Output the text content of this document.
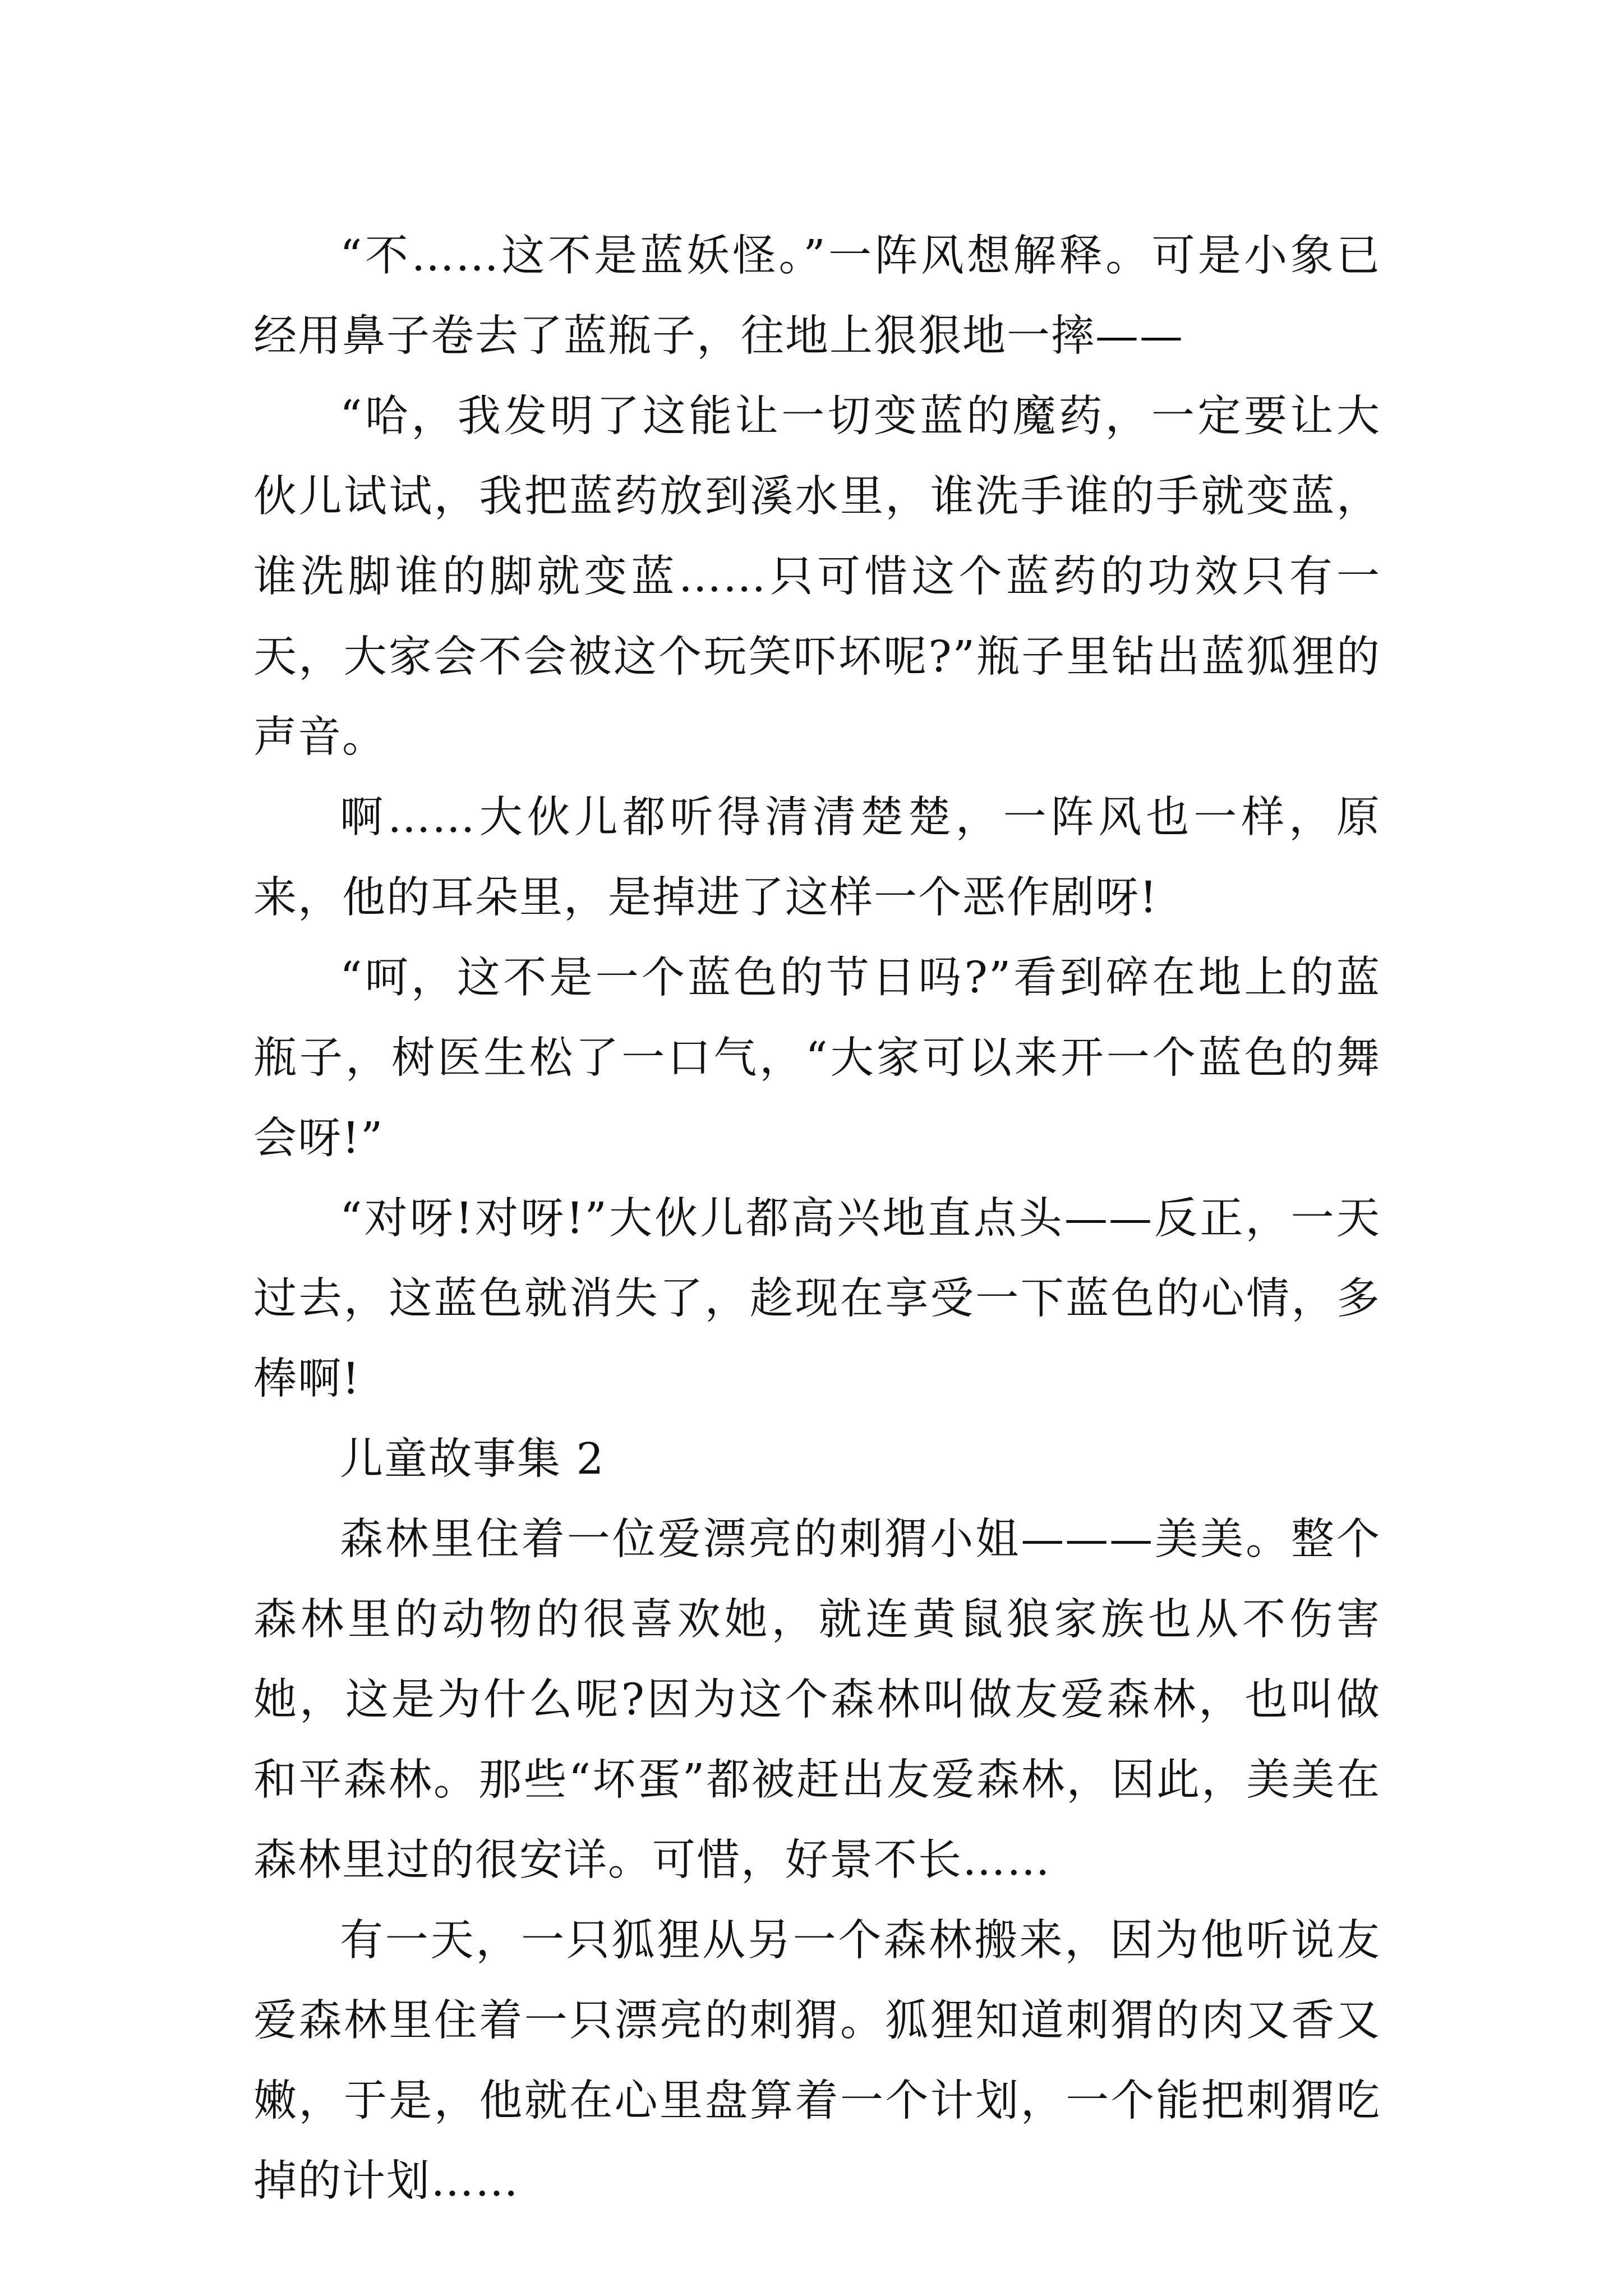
“不……这不是蓝妖怪。”一阵风想解释。可是小象已经用鼻子卷去了蓝瓶子，往地上狠狠地一摔——

“哈，我发明了这能让一切变蓝的魔药，一定要让大伙儿试试，我把蓝药放到溪水里，谁洗手谁的手就变蓝，谁洗脚谁的脚就变蓝……只可惜这个蓝药的功效只有一天，大家会不会被这个玩笑吓坏呢?”瓶子里钻出蓝狐狸的声音。

啊……大伙儿都听得清清楚楚，一阵风也一样，原来，他的耳朵里，是掉进了这样一个恶作剧呀!

“呵，这不是一个蓝色的节日吗?”看到碎在地上的蓝瓶子，树医生松了一口气，“大家可以来开一个蓝色的舞会呀!”

“对呀!对呀!”大伙儿都高兴地直点头——反正，一天过去，这蓝色就消失了，趁现在享受一下蓝色的心情，多棒啊!

儿童故事集 2

森林里住着一位爱漂亮的刺猬小姐———美美。整个森林里的动物的很喜欢她，就连黄鼠狼家族也从不伤害她，这是为什么呢?因为这个森林叫做友爱森林，也叫做和平森林。那些“坏蛋”都被赶出友爱森林，因此，美美在森林里过的很安详。可惜，好景不长……

有一天，一只狐狸从另一个森林搬来，因为他听说友爱森林里住着一只漂亮的刺猬。狐狸知道刺猬的肉又香又嫩，于是，他就在心里盘算着一个计划，一个能把刺猬吃掉的计划……
